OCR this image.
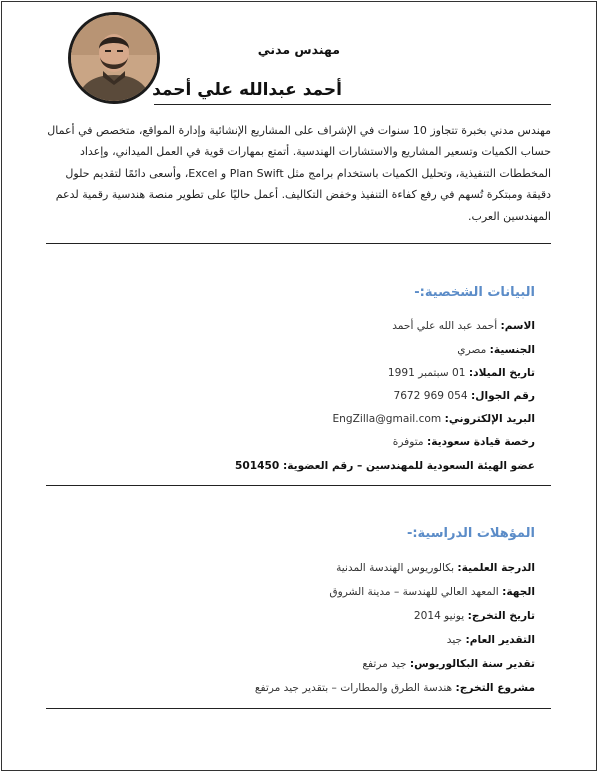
مهندس مدني
أحمد عبدالله علي أحمد
مهندس مدني بخبرة تتجاوز 10 سنوات في الإشراف على المشاريع الإنشائية وإدارة المواقع، متخصص في أعمال حساب الكميات وتسعير المشاريع والاستشارات الهندسية. أتمتع بمهارات قوية في العمل الميداني، وإعداد المخططات التنفيذية، وتحليل الكميات باستخدام برامج مثل Plan Swift و Excel، وأسعى دائمًا لتقديم حلول دقيقة ومبتكرة تُسهم في رفع كفاءة التنفيذ وخفض التكاليف. أعمل حاليًا على تطوير منصة هندسية رقمية لدعم المهندسين العرب.
البيانات الشخصية:-
الاسم: أحمد عبد الله علي أحمد
الجنسية: مصري
تاريخ الميلاد: 01 سبتمبر 1991
رقم الجوال: 054 969 7672
البريد الإلكتروني: EngZilla@gmail.com
رخصة قيادة سعودية: متوفرة
عضو الهيئة السعودية للمهندسين – رقم العضوية: 501450
المؤهلات الدراسية:-
الدرجة العلمية: بكالوريوس الهندسة المدنية
الجهة: المعهد العالي للهندسة – مدينة الشروق
تاريخ التخرج: يونيو 2014
التقدير العام: جيد
تقدير سنة البكالوريوس: جيد مرتفع
مشروع التخرج: هندسة الطرق والمطارات – بتقدير جيد مرتفع
